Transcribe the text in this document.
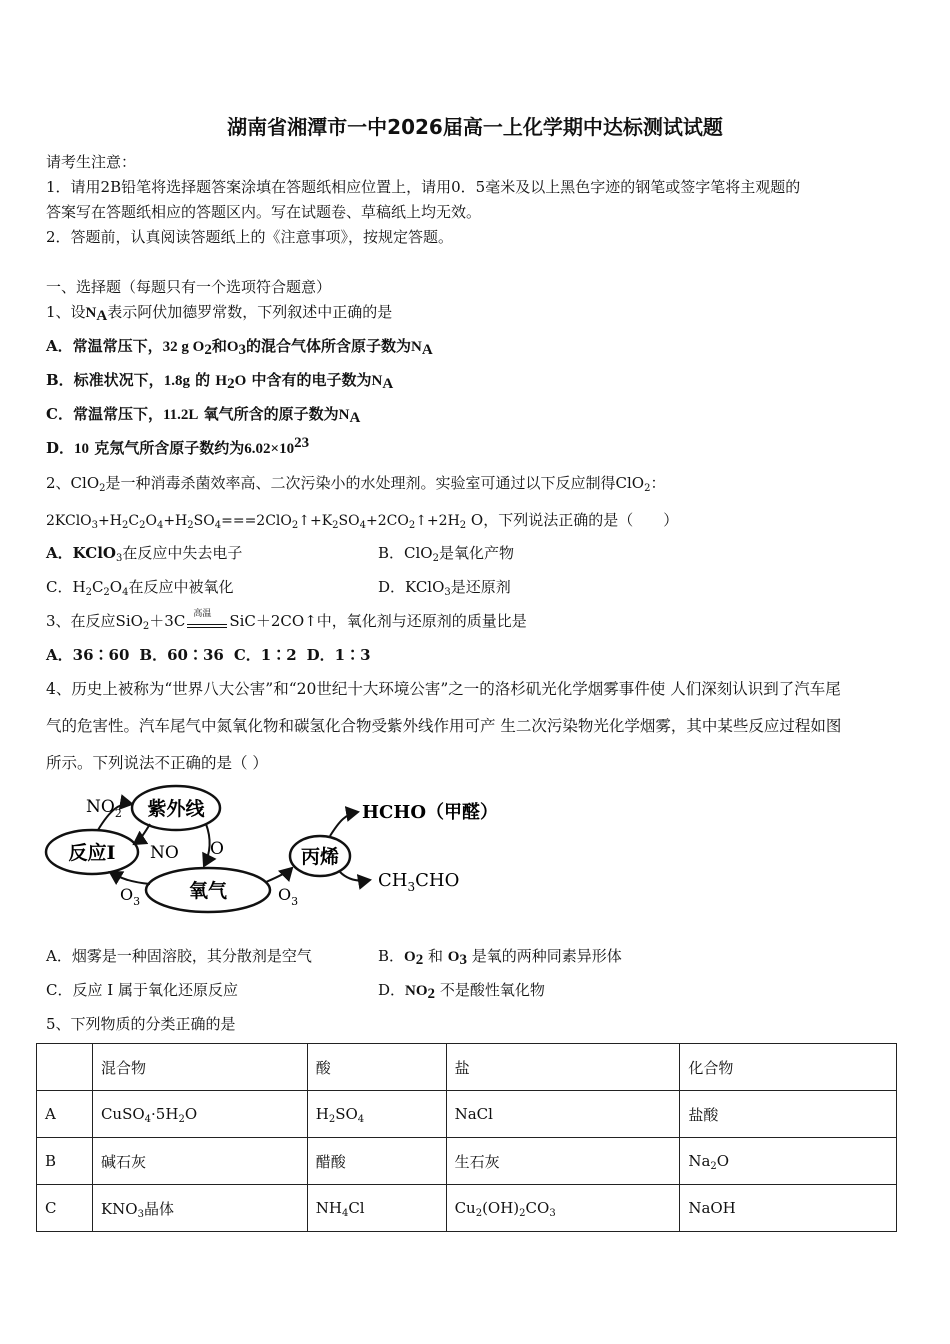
湖南省湘潭市一中2026届高一上化学期中达标测试试题
请考生注意：
1．请用2B铅笔将选择题答案涂填在答题纸相应位置上，请用0．5毫米及以上黑色字迹的钢笔或签字笔将主观题的
答案写在答题纸相应的答题区内。写在试题卷、草稿纸上均无效。
2．答题前，认真阅读答题纸上的《注意事项》，按规定答题。
一、选择题（每题只有一个选项符合题意）
1、设$N_A$表示阿伏加德罗常数，下列叙述中正确的是
A．常温常压下，32 g $O_2$和$O_3$的混合气体所含原子数为$N_A$
B．标准状况下，1.8g 的 $H_2O$ 中含有的电子数为$N_A$
C．常温常压下，11.2L 氧气所含的原子数为$N_A$
D．10 克氖气所含原子数约为$6.02\times 10^{23}$
2、ClO$_2$是一种消毒杀菌效率高、二次污染小的水处理剂。实验室可通过以下反应制得ClO$_2$：
$2KClO_3+H_2C_2O_4+H_2SO_4===2ClO_2↑+K_2SO_4+2CO_2↑+2H_2$ O，下列说法正确的是（　　）
A．KClO$_3$在反应中失去电子	B．ClO$_2$是氧化产物
C．$H_2C_2O_4$在反应中被氧化	D．KClO$_3$是还原剂
3、在反应SiO$_2$＋3C 高温 SiC＋2CO↑中，氧化剂与还原剂的质量比是
A．36∶60 B．60∶36 C．1∶2 D．1∶3
4、历史上被称为“世界八大公害”和“20世纪十大环境公害”之一的洛杉矶光化学烟雾事件使 人们深刻认识到了汽车尾
气的危害性。汽车尾气中氮氧化物和碳氢化合物受紫外线作用可产 生二次污染物光化学烟雾，其中某些反应过程如图
所示。下列说法不正确的是（ ）
紫外线
反应I
氧气
丙烯
$NO_2$
NO O
$O_3$	$O_3$
HCHO（甲醛）
$CH_3CHO$
A．烟雾是一种固溶胶，其分散剂是空气	B．$O_2$ 和 $O_3$ 是氧的两种同素异形体
C．反应 I 属于氧化还原反应	D．$NO_2$ 不是酸性氧化物
5、下列物质的分类正确的是
	混合物	酸	盐	化合物
A	$CuSO_4\cdot 5H_2O$	$H_2SO_4$	NaCl	盐酸
B	碱石灰	醋酸	生石灰	$Na_2O$
C	$KNO_3$晶体	$NH_4Cl$	$Cu_2(OH)_2CO_3$	NaOH
